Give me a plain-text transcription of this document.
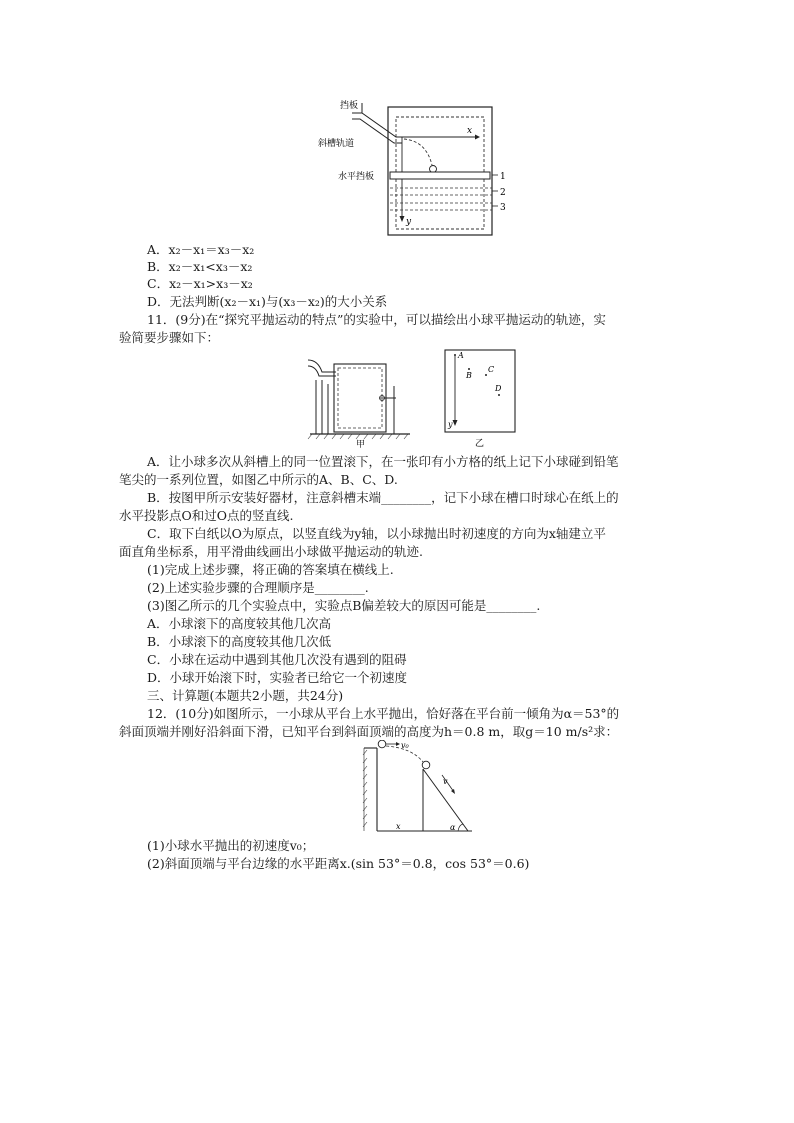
挡板
斜槽轨道
水平挡板
x
y
1
2
3
A．x₂－x₁＝x₃－x₂
B．x₂－x₁<x₃－x₂
C．x₂－x₁>x₃－x₂
D．无法判断(x₂－x₁)与(x₃－x₂)的大小关系
11．(9分)在“探究平抛运动的特点”的实验中，可以描绘出小球平抛运动的轨迹，实
验简要步骤如下：
甲
A
B
C
D
y
乙
A．让小球多次从斜槽上的同一位置滚下，在一张印有小方格的纸上记下小球碰到铅笔
笔尖的一系列位置，如图乙中所示的A、B、C、D.
B．按图甲所示安装好器材，注意斜槽末端________，记下小球在槽口时球心在纸上的
水平投影点O和过O点的竖直线.
C．取下白纸以O为原点，以竖直线为y轴，以小球抛出时初速度的方向为x轴建立平
面直角坐标系，用平滑曲线画出小球做平抛运动的轨迹.
(1)完成上述步骤，将正确的答案填在横线上.
(2)上述实验步骤的合理顺序是________.
(3)图乙所示的几个实验点中，实验点B偏差较大的原因可能是________.
A．小球滚下的高度较其他几次高
B．小球滚下的高度较其他几次低
C．小球在运动中遇到其他几次没有遇到的阻碍
D．小球开始滚下时，实验者已给它一个初速度
三、计算题(本题共2小题，共24分)
12．(10分)如图所示，一小球从平台上水平抛出，恰好落在平台前一倾角为α＝53°的
斜面顶端并刚好沿斜面下滑，已知平台到斜面顶端的高度为h＝0.8 m，取g＝10 m/s²求：
v₀
v
α
x
(1)小球水平抛出的初速度v₀；
(2)斜面顶端与平台边缘的水平距离x.(sin 53°＝0.8，cos 53°＝0.6)
